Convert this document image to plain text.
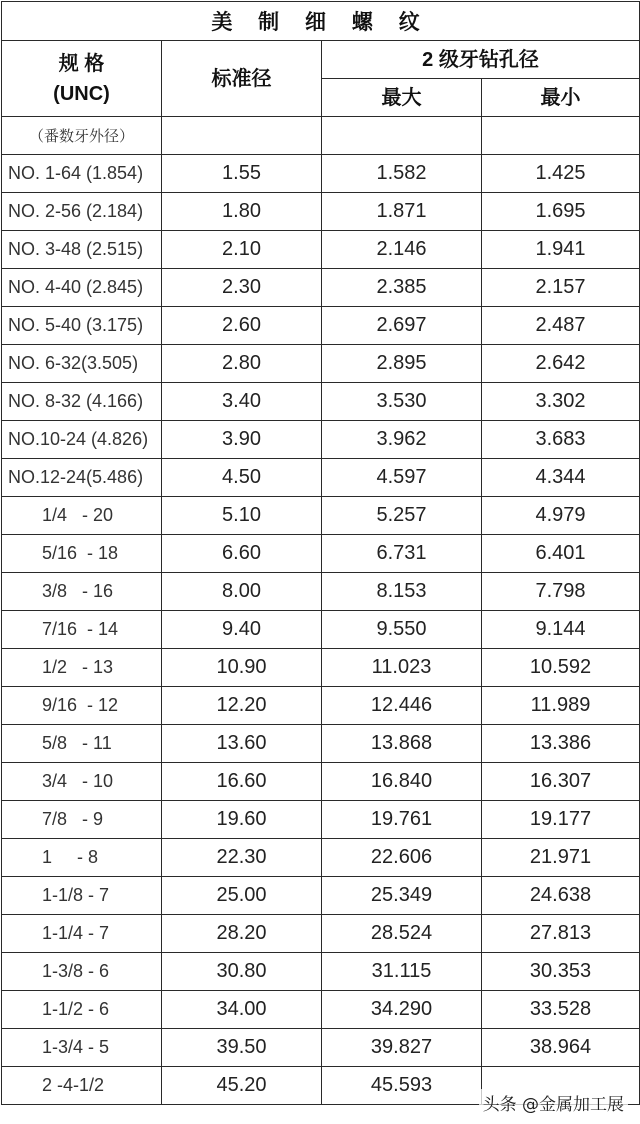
美 制 细 螺 纹			

规 格
(UNC)	标准径	2 级牙钻孔径	
		最大	最小
（番数牙外径）			
NO. 1-64 (1.854)	1.55	1.582	1.425
NO. 2-56 (2.184)	1.80	1.871	1.695
NO. 3-48 (2.515)	2.10	2.146	1.941
NO. 4-40 (2.845)	2.30	2.385	2.157
NO. 5-40 (3.175)	2.60	2.697	2.487
NO. 6-32(3.505)	2.80	2.895	2.642
NO. 8-32 (4.166)	3.40	3.530	3.302
NO.10-24 (4.826)	3.90	3.962	3.683
NO.12-24(5.486)	4.50	4.597	4.344
1/4   - 20	5.10	5.257	4.979
5/16  - 18	6.60	6.731	6.401
3/8   - 16	8.00	8.153	7.798
7/16  - 14	9.40	9.550	9.144
1/2   - 13	10.90	11.023	10.592
9/16  - 12	12.20	12.446	11.989
5/8   - 11	13.60	13.868	13.386
3/4   - 10	16.60	16.840	16.307
7/8   - 9	19.60	19.761	19.177
1     - 8	22.30	22.606	21.971
1-1/8 - 7	25.00	25.349	24.638
1-1/4 - 7	28.20	28.524	27.813
1-3/8 - 6	30.80	31.115	30.353
1-1/2 - 6	34.00	34.290	33.528
1-3/4 - 5	39.50	39.827	38.964
2 -4-1/2	45.20	45.593	
头条 @金属加工展
